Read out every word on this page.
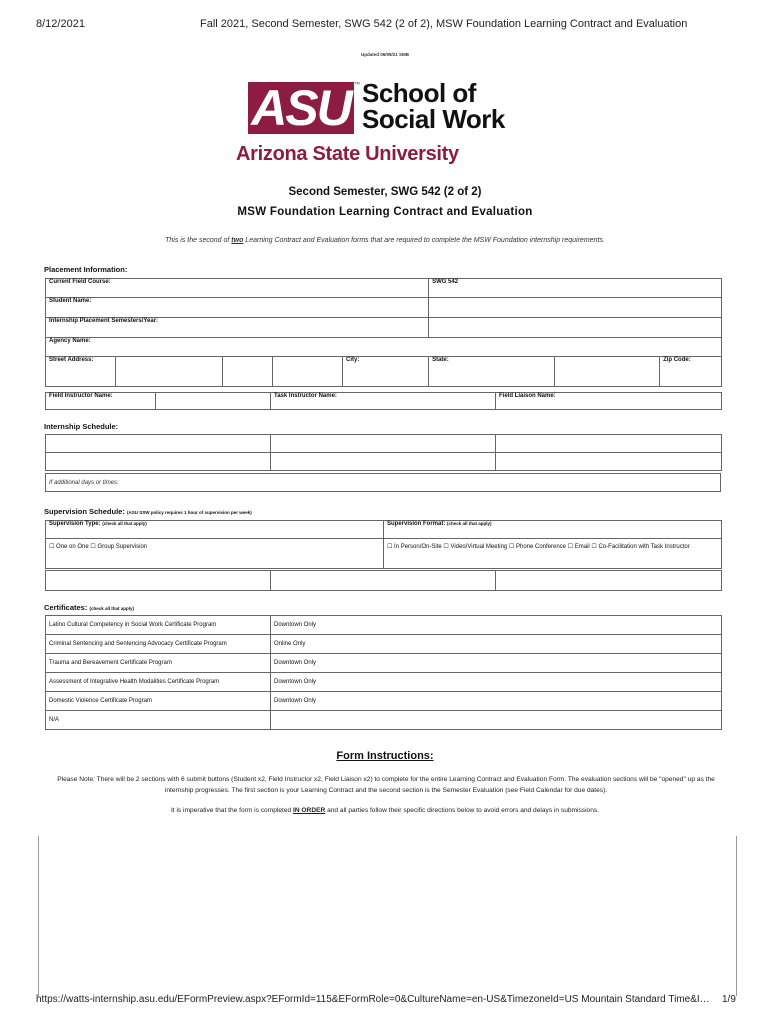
8/12/2021	Fall 2021, Second Semester, SWG 542 (2 of 2), MSW Foundation Learning Contract and Evaluation
Updated 06/09/21 SMB
ASU ™ School of
Social Work
Arizona State University
Second Semester, SWG 542 (2 of 2)
MSW Foundation Learning Contract and Evaluation
This is the second of two Learning Contract and Evaluation forms that are required to complete the MSW Foundation internship requirements.
Placement Information:
Current Field Course:					SWG 542		
Student Name:							
Internship Placement Semesters/Year:							
Agency Name:							
Street Address:				City:	State:		Zip Code:
Field Instructor Name:		Task Instructor Name:	Field Liaison Name:
Internship Schedule:

If additional days or times:
Supervision Schedule: (ASU SSW policy requires 1 hour of supervision per week)
Supervision Type: (check all that apply)	Supervision Format: (check all that apply)
☐ One on One ☐ Group Supervision	☐ In Person/On-Site ☐ Video/Virtual Meeting ☐ Phone Conference ☐ Email ☐ Co-Facilitation with Task Instructor

Certificates: (check all that apply)
Latino Cultural Competency in Social Work Certificate Program	Downtown Only
Criminal Sentencing and Sentencing Advocacy Certificate Program	Online Only
Trauma and Bereavement Certificate Program	Downtown Only
Assessment of Integrative Health Modalities Certificate Program	Downtown Only
Domestic Violence Certificate Program	Downtown Only
N/A	
Form Instructions:
Please Note: There will be 2 sections with 6 submit buttons (Student x2, Field Instructor x2, Field Liaison x2) to complete for the entire Learning Contract and Evaluation Form. The evaluation sections will be "opened" up as the internship progresses. The first section is your Learning Contract and the second section is the Semester Evaluation (see Field Calendar for due dates).
It is imperative that the form is completed IN ORDER and all parties follow their specific directions below to avoid errors and delays in submissions.
https://watts-internship.asu.edu/EFormPreview.aspx?EFormId=115&EFormRole=0&CultureName=en-US&TimezoneId=US Mountain Standard Time&I… 1/9
